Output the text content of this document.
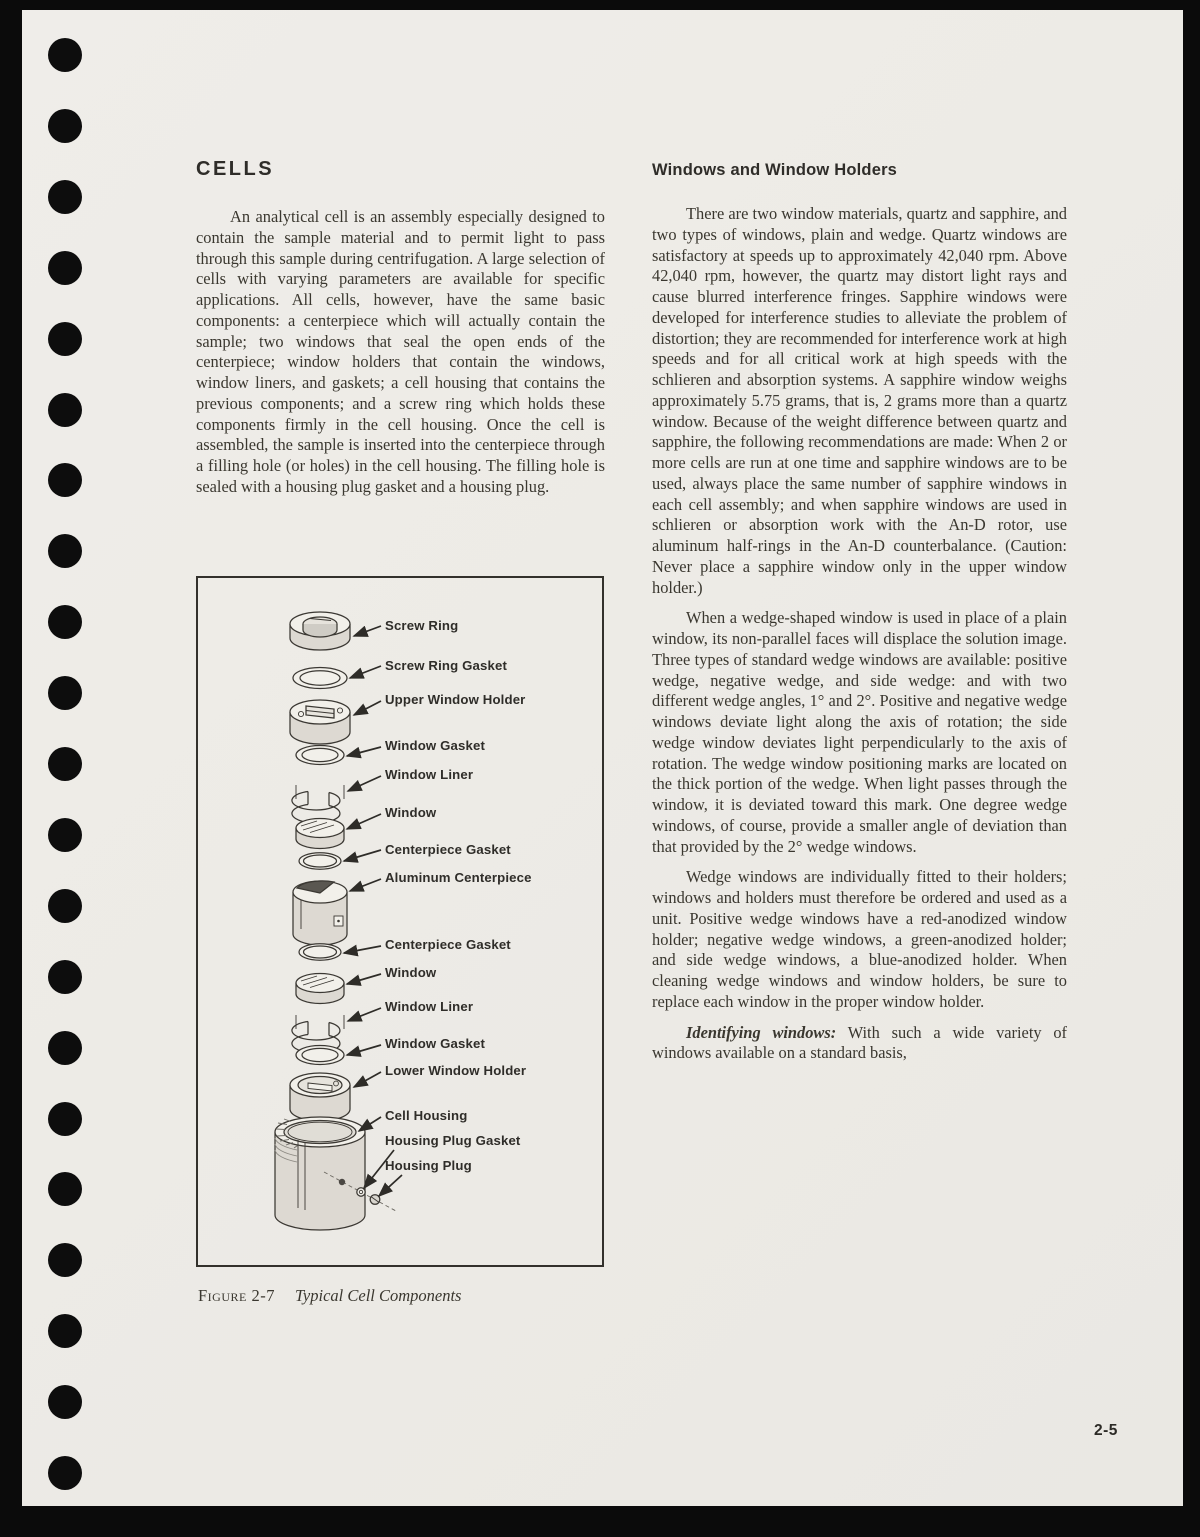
CELLS

An analytical cell is an assembly especially designed to contain the sample material and to permit light to pass through this sample during centrifugation. A large selection of cells with varying parameters are available for specific applications. All cells, however, have the same basic components: a centerpiece which will actually contain the sample; two windows that seal the open ends of the centerpiece; window holders that contain the windows, window liners, and gaskets; a cell housing that contains the previous components; and a screw ring which holds these components firmly in the cell housing. Once the cell is assembled, the sample is inserted into the centerpiece through a filling hole (or holes) in the cell housing. The filling hole is sealed with a housing plug gasket and a housing plug.

Windows and Window Holders

There are two window materials, quartz and sapphire, and two types of windows, plain and wedge. Quartz windows are satisfactory at speeds up to approximately 42,040 rpm. Above 42,040 rpm, however, the quartz may distort light rays and cause blurred interference fringes. Sapphire windows were developed for interference studies to alleviate the problem of distortion; they are recommended for interference work at high speeds and for all critical work at high speeds with the schlieren and absorption systems. A sapphire window weighs approximately 5.75 grams, that is, 2 grams more than a quartz window. Because of the weight difference between quartz and sapphire, the following recommendations are made: When 2 or more cells are run at one time and sapphire windows are to be used, always place the same number of sapphire windows in each cell assembly; and when sapphire windows are used in schlieren or absorption work with the An-D rotor, use aluminum half-rings in the An-D counterbalance. (Caution: Never place a sapphire window only in the upper window holder.)

When a wedge-shaped window is used in place of a plain window, its non-parallel faces will displace the solution image. Three types of standard wedge windows are available: positive wedge, negative wedge, and side wedge: and with two different wedge angles, 1° and 2°. Positive and negative wedge windows deviate light along the axis of rotation; the side wedge window deviates light perpendicularly to the axis of rotation. The wedge window positioning marks are located on the thick portion of the wedge. When light passes through the window, it is deviated toward this mark. One degree wedge windows, of course, provide a smaller angle of deviation than that provided by the 2° wedge windows.

Wedge windows are individually fitted to their holders; windows and holders must therefore be ordered and used as a unit. Positive wedge windows have a red-anodized window holder; negative wedge windows, a green-anodized holder; and side wedge windows, a blue-anodized holder. When cleaning wedge windows and window holders, be sure to replace each window in the proper window holder.

Identifying windows: With such a wide variety of windows available on a standard basis,

Screw Ring
Screw Ring Gasket
Upper Window Holder
Window Gasket
Window Liner
Window
Centerpiece Gasket
Aluminum Centerpiece
Centerpiece Gasket
Window
Window Liner
Window Gasket
Lower Window Holder
Cell Housing
Housing Plug Gasket
Housing Plug
Figure 2-7 Typical Cell Components
2-5
